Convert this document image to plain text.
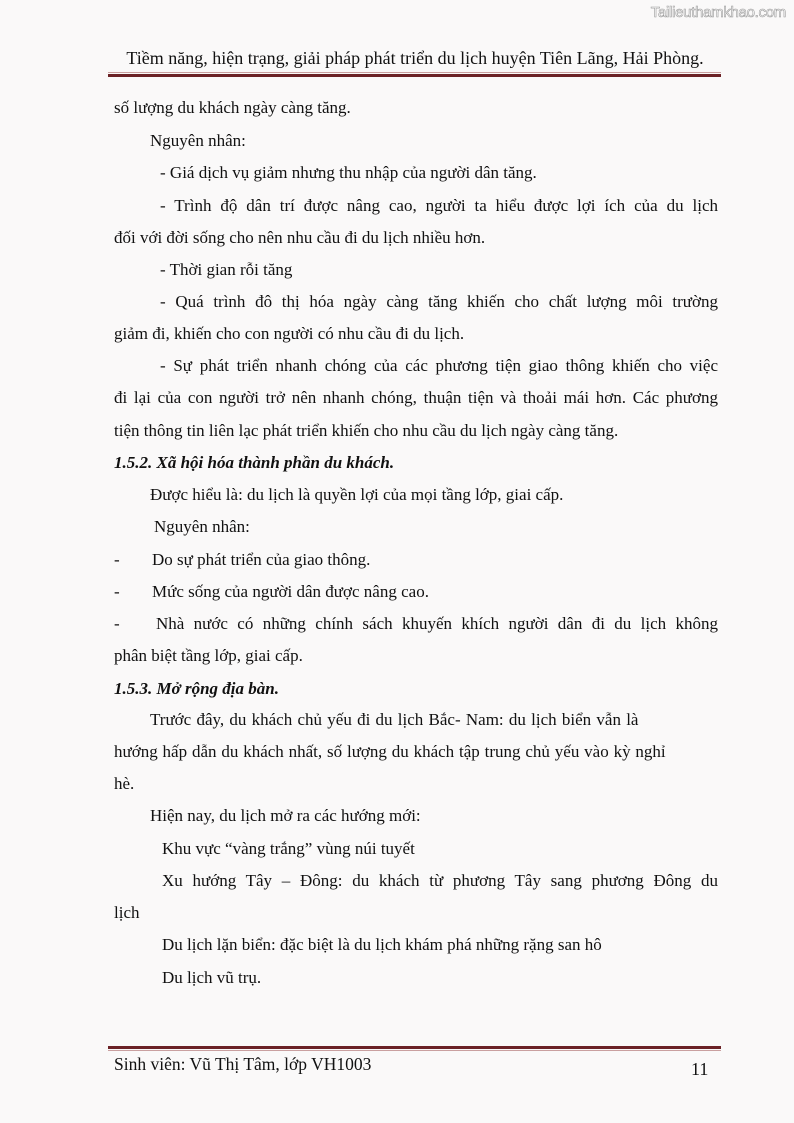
Tailieuthamkhao.com
Tiềm năng, hiện trạng, giải pháp phát triển du lịch huyện Tiên Lãng, Hải Phòng.
số lượng du khách ngày càng tăng.
Nguyên nhân:
- Giá dịch vụ giảm nhưng thu nhập của người dân tăng.
- Trình độ dân trí được nâng cao, người ta hiểu được lợi ích của du lịch
đối với đời sống cho nên nhu cầu đi du lịch nhiều hơn.
- Thời gian rỗi tăng
- Quá trình đô thị hóa ngày càng tăng khiến cho chất lượng môi trường
giảm đi, khiến cho con người có nhu cầu đi du lịch.
- Sự phát triển nhanh chóng của các phương tiện giao thông khiến cho việc
đi lại của con người trở nên nhanh chóng, thuận tiện và thoải mái hơn. Các phương
tiện thông tin liên lạc phát triển khiến cho nhu cầu du lịch ngày càng tăng.
1.5.2. Xã hội hóa thành phần du khách.
Được hiểu là: du lịch là quyền lợi của mọi tầng lớp, giai cấp.
Nguyên nhân:
- Do sự phát triển của giao thông.
- Mức sống của người dân được nâng cao.
- Nhà nước có những chính sách khuyến khích người dân đi du lịch không
phân biệt tầng lớp, giai cấp.
1.5.3. Mở rộng địa bàn.
Trước đây, du khách chủ yếu đi du lịch Bắc- Nam: du lịch biển vẫn là
hướng hấp dẫn du khách nhất, số lượng du khách tập trung chủ yếu vào kỳ nghỉ
hè.
Hiện nay, du lịch mở ra các hướng mới:
Khu vực “vàng trắng” vùng núi tuyết
Xu hướng Tây – Đông: du khách từ phương Tây sang phương Đông du
lịch
Du lịch lặn biển: đặc biệt là du lịch khám phá những rặng san hô
Du lịch vũ trụ.
Sinh viên: Vũ Thị Tâm, lớp VH1003	11
